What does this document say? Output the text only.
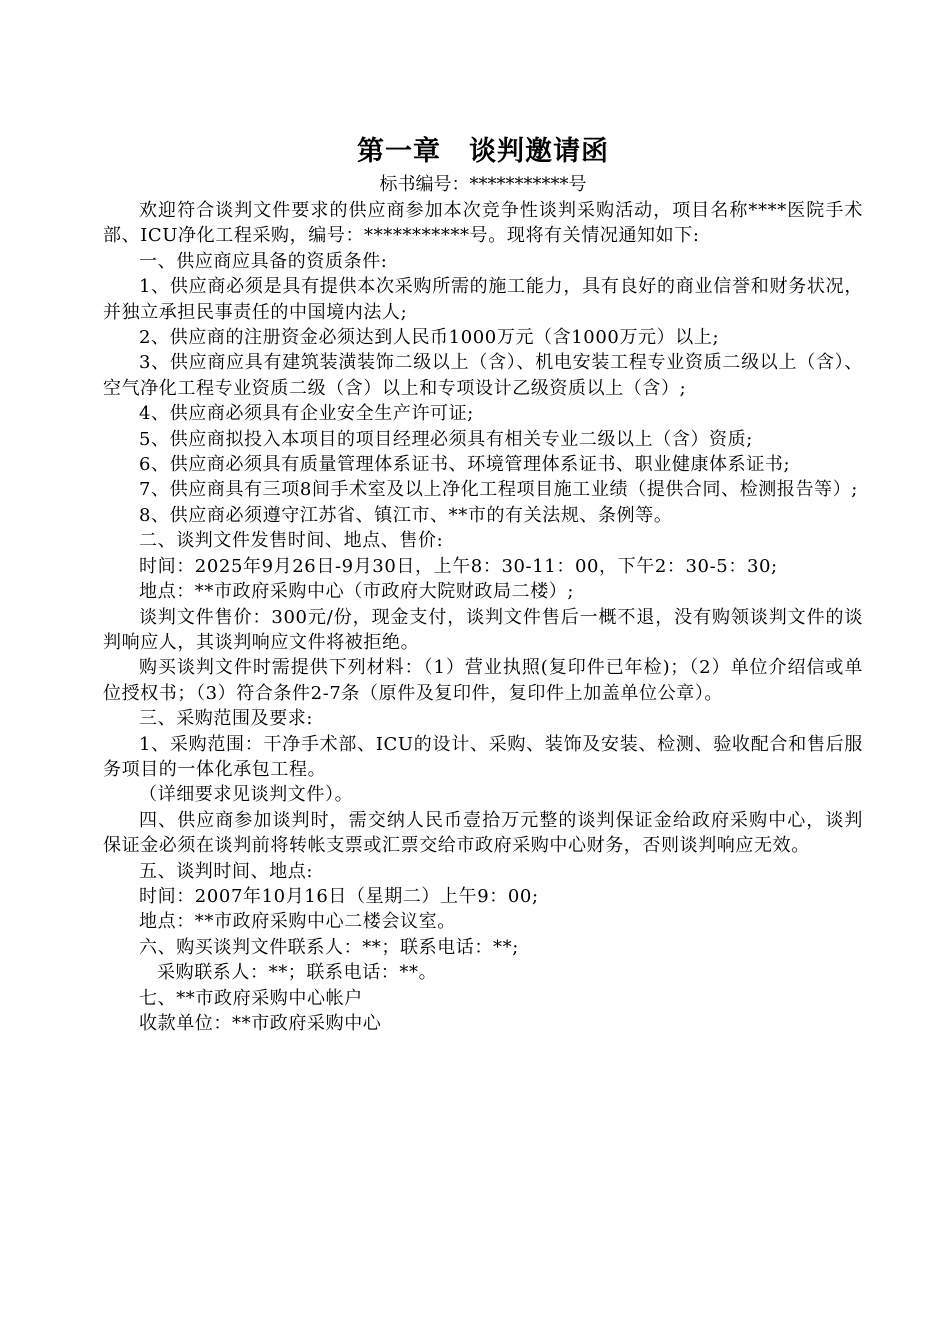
第一章　谈判邀请函
标书编号：***********号

欢迎符合谈判文件要求的供应商参加本次竞争性谈判采购活动，项目名称****医院手术部、ICU净化工程采购，编号：***********号。现将有关情况通知如下:

一、供应商应具备的资质条件:

1、供应商必须是具有提供本次采购所需的施工能力，具有良好的商业信誉和财务状况，并独立承担民事责任的中国境内法人;

2、供应商的注册资金必须达到人民币1000万元（含1000万元）以上;

3、供应商应具有建筑装潢装饰二级以上（含）、机电安装工程专业资质二级以上（含）、空气净化工程专业资质二级（含）以上和专项设计乙级资质以上（含）;

4、供应商必须具有企业安全生产许可证;

5、供应商拟投入本项目的项目经理必须具有相关专业二级以上（含）资质;

6、供应商必须具有质量管理体系证书、环境管理体系证书、职业健康体系证书;

7、供应商具有三项8间手术室及以上净化工程项目施工业绩（提供合同、检测报告等）;

8、供应商必须遵守江苏省、镇江市、**市的有关法规、条例等。

二、谈判文件发售时间、地点、售价:

时间：2025年9月26日-9月30日，上午8：30-11：00，下午2：30-5：30;

地点：**市政府采购中心（市政府大院财政局二楼）;

谈判文件售价：300元/份，现金支付，谈判文件售后一概不退，没有购领谈判文件的谈判响应人，其谈判响应文件将被拒绝。

购买谈判文件时需提供下列材料：（1）营业执照(复印件已年检)；（2）单位介绍信或单位授权书；（3）符合条件2-7条（原件及复印件，复印件上加盖单位公章）。

三、采购范围及要求:

1、采购范围：干净手术部、ICU的设计、采购、装饰及安装、检测、验收配合和售后服务项目的一体化承包工程。

（详细要求见谈判文件）。

四、供应商参加谈判时，需交纳人民币壹拾万元整的谈判保证金给政府采购中心，谈判保证金必须在谈判前将转帐支票或汇票交给市政府采购中心财务，否则谈判响应无效。

五、谈判时间、地点:

时间：2007年10月16日（星期二）上午9：00;

地点：**市政府采购中心二楼会议室。

六、购买谈判文件联系人：**；联系电话：**;

采购联系人：**；联系电话：**。

七、**市政府采购中心帐户

收款单位：**市政府采购中心
